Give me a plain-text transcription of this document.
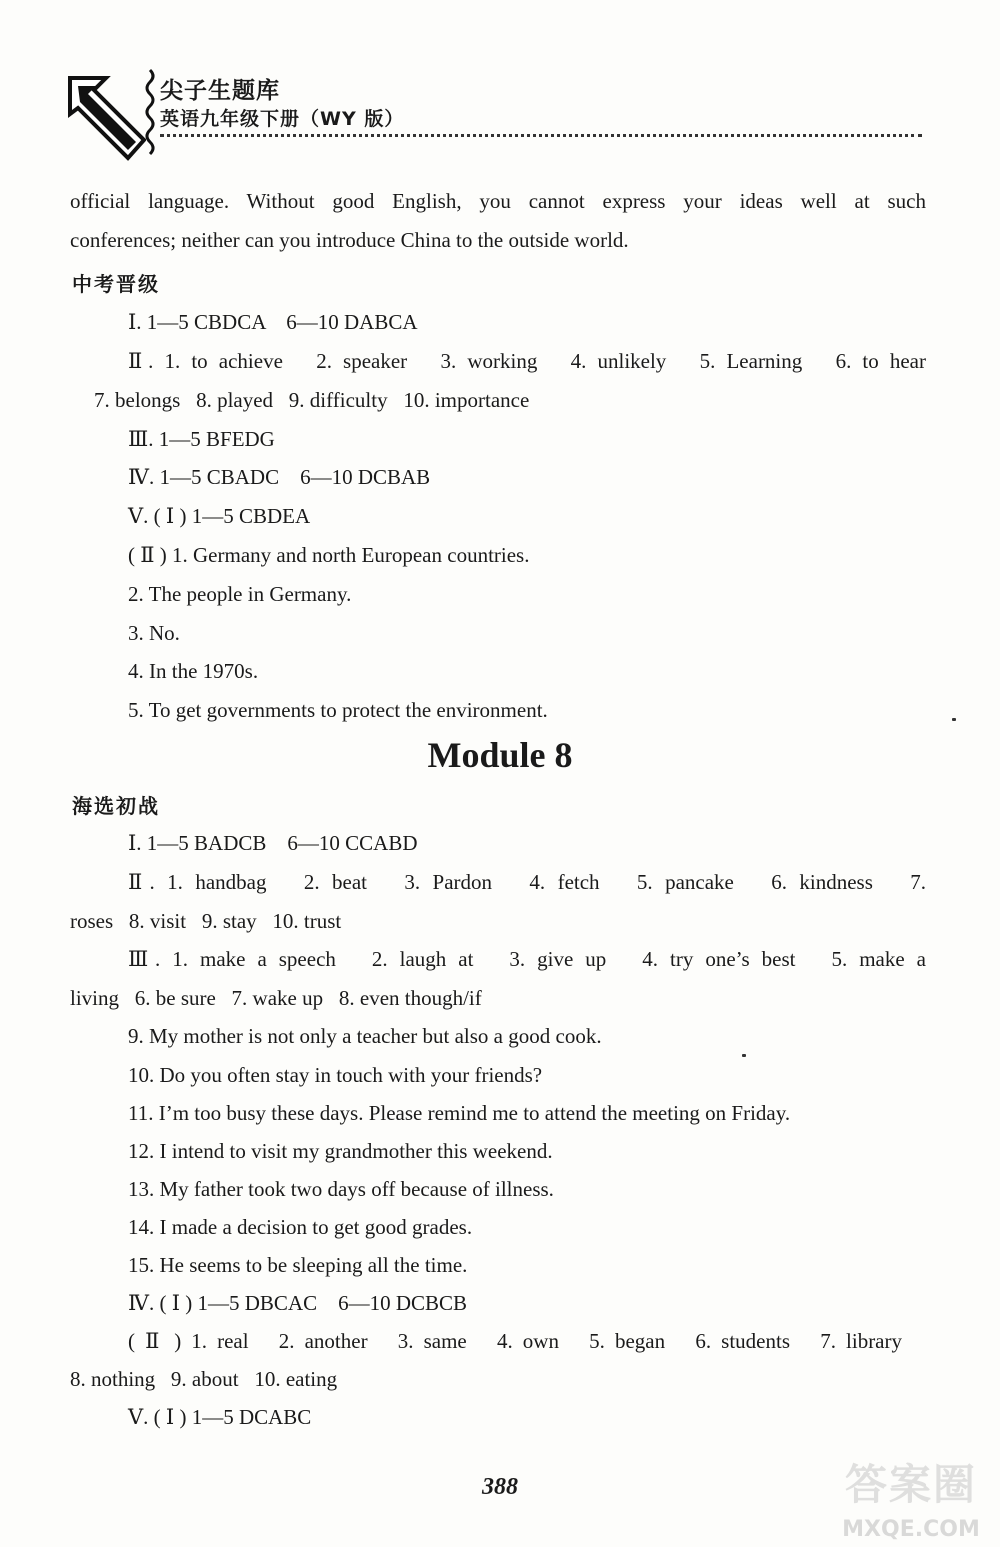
尖子生题库
英语九年级下册（WY 版）
official language. Without good English, you cannot express your ideas well at such
conferences; neither can you introduce China to the outside world.
中考晋级
Ⅰ. 1—5 CBDCA    6—10 DABCA
Ⅱ. 1. to achieve   2. speaker   3. working   4. unlikely   5. Learning   6. to hear
7. belongs   8. played   9. difficulty   10. importance
Ⅲ. 1—5 BFEDG
Ⅳ. 1—5 CBADC    6—10 DCBAB
Ⅴ. ( Ⅰ ) 1—5 CBDEA
( Ⅱ ) 1. Germany and north European countries.
2. The people in Germany.
3. No.
4. In the 1970s.
5. To get governments to protect the environment.
Module 8
海选初战
Ⅰ. 1—5 BADCB    6—10 CCABD
Ⅱ. 1. handbag   2. beat   3. Pardon   4. fetch   5. pancake   6. kindness   7.
roses   8. visit   9. stay   10. trust
Ⅲ. 1. make a speech   2. laugh at   3. give up   4. try one’s best   5. make a
living   6. be sure   7. wake up   8. even though/if
9. My mother is not only a teacher but also a good cook.
10. Do you often stay in touch with your friends?
11. I’m too busy these days. Please remind me to attend the meeting on Friday.
12. I intend to visit my grandmother this weekend.
13. My father took two days off because of illness.
14. I made a decision to get good grades.
15. He seems to be sleeping all the time.
Ⅳ. ( Ⅰ ) 1—5 DBCAC    6—10 DCBCB
( Ⅱ ) 1. real   2. another   3. same   4. own   5. began   6. students   7. library
8. nothing   9. about   10. eating
Ⅴ. ( Ⅰ ) 1—5 DCABC
388	答案圈
MXQE.COM
